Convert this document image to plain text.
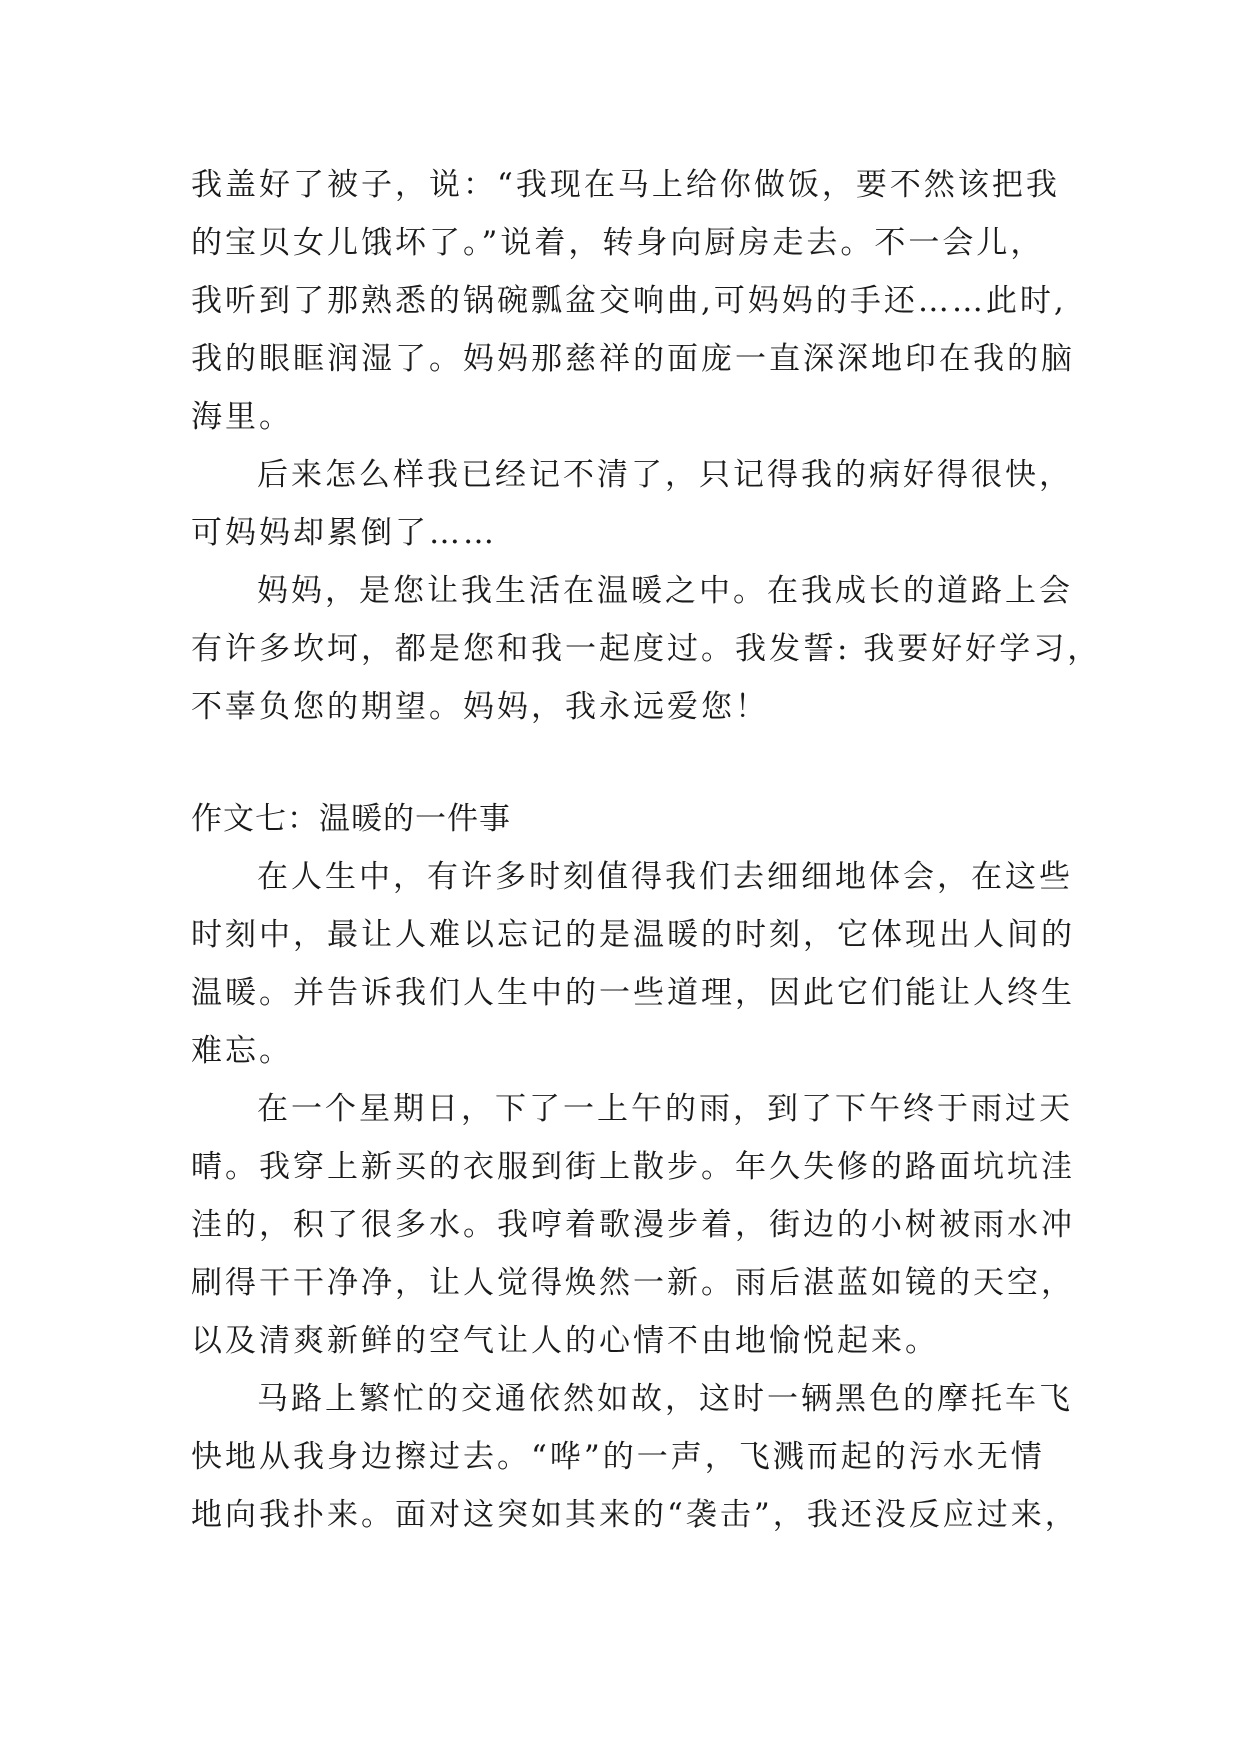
我盖好了被子，说：“我现在马上给你做饭，要不然该把我
的宝贝女儿饿坏了。”说着，转身向厨房走去。不一会儿，
我听到了那熟悉的锅碗瓢盆交响曲,可妈妈的手还……此时,
我的眼眶润湿了。妈妈那慈祥的面庞一直深深地印在我的脑
海里。
后来怎么样我已经记不清了，只记得我的病好得很快，
可妈妈却累倒了……
妈妈，是您让我生活在温暖之中。在我成长的道路上会
有许多坎坷，都是您和我一起度过。我发誓: 我要好好学习，
不辜负您的期望。妈妈，我永远爱您！
作文七：温暖的一件事
在人生中，有许多时刻值得我们去细细地体会，在这些
时刻中，最让人难以忘记的是温暖的时刻，它体现出人间的
温暖。并告诉我们人生中的一些道理，因此它们能让人终生
难忘。
在一个星期日，下了一上午的雨，到了下午终于雨过天
晴。我穿上新买的衣服到街上散步。年久失修的路面坑坑洼
洼的，积了很多水。我哼着歌漫步着，街边的小树被雨水冲
刷得干干净净，让人觉得焕然一新。雨后湛蓝如镜的天空，
以及清爽新鲜的空气让人的心情不由地愉悦起来。
马路上繁忙的交通依然如故，这时一辆黑色的摩托车飞
快地从我身边擦过去。“哗”的一声，飞溅而起的污水无情
地向我扑来。面对这突如其来的“袭击”，我还没反应过来，
